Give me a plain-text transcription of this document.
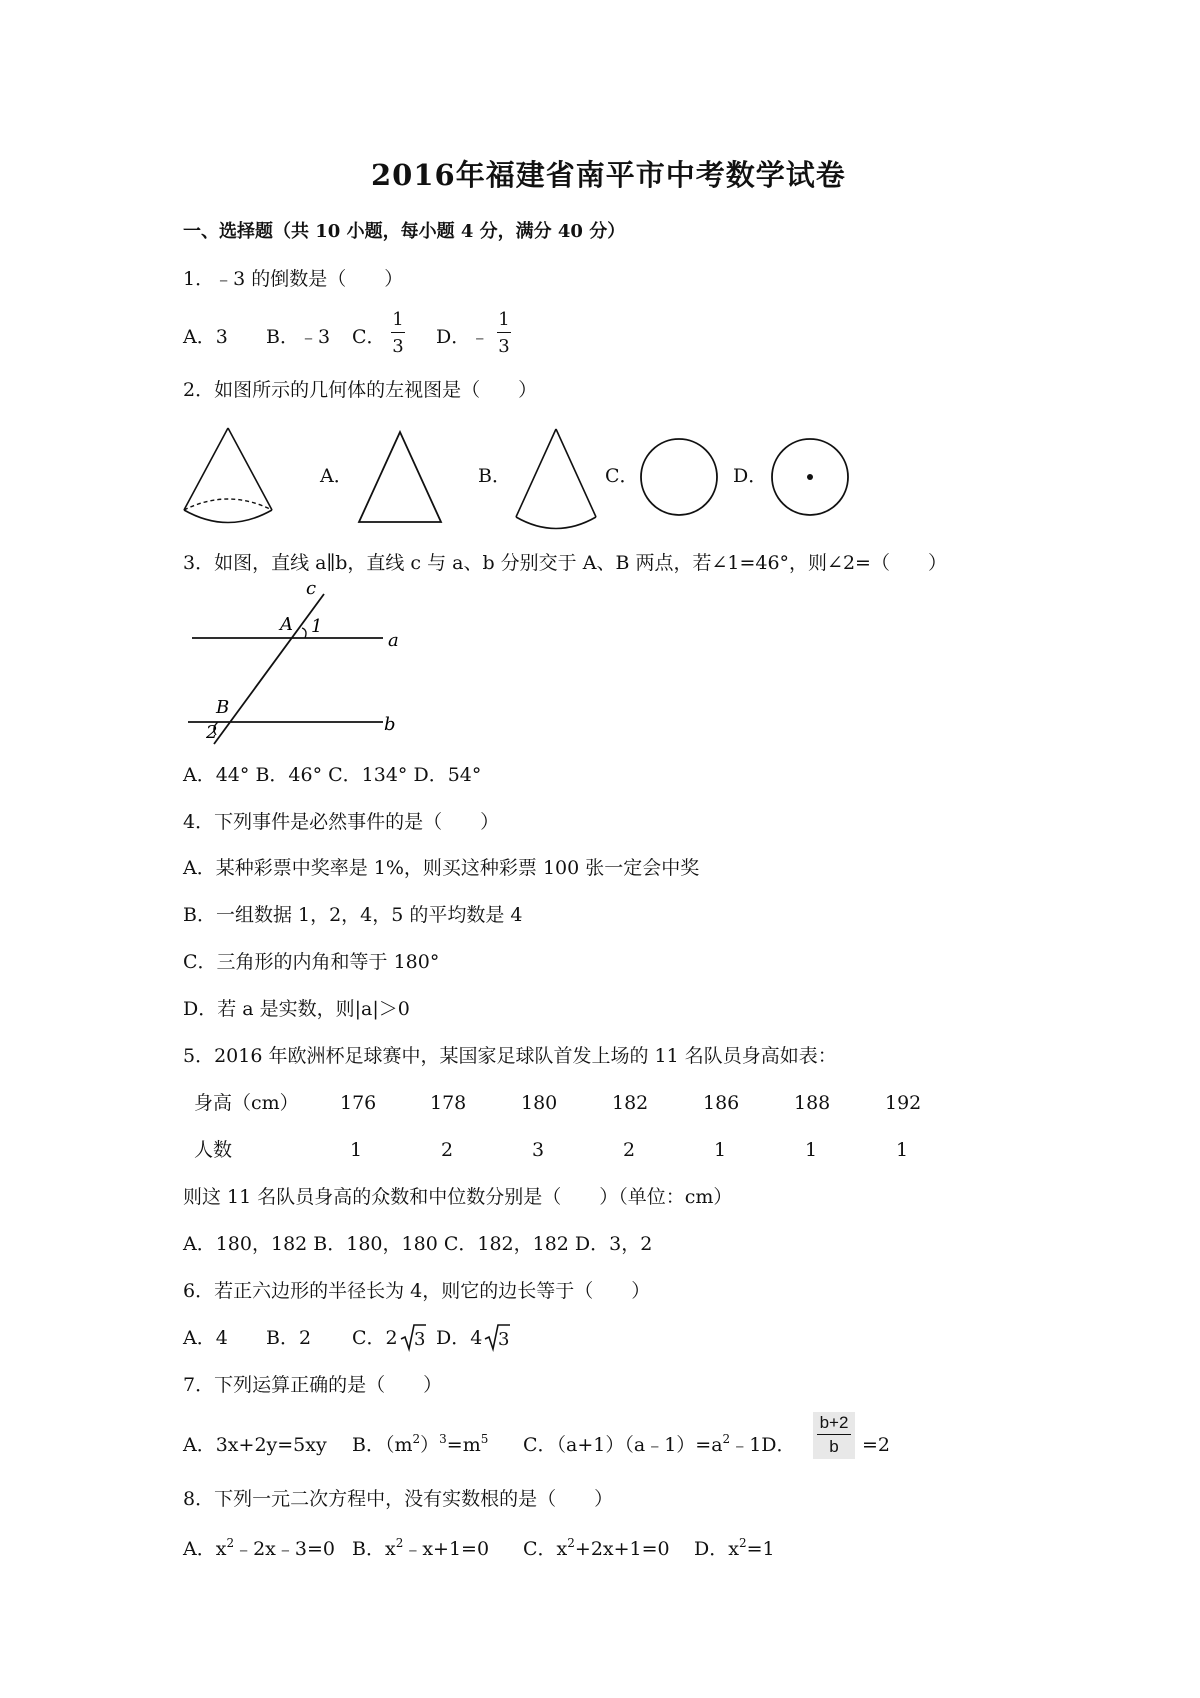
2016年福建省南平市中考数学试卷
一、选择题（共 10 小题，每小题 4 分，满分 40 分）
1．﹣3 的倒数是（　　）
A．3 B．﹣3 C．
1
3 D．﹣
1
3
2．如图所示的几何体的左视图是（　　）
A．	B．	C．	D．
3．如图，直线 a∥b，直线 c 与 a、b 分别交于 A、B 两点，若∠1=46°，则∠2=（　　）
c
A 1
a
B
2	b
A．44° B．46° C．134° D．54°
4．下列事件是必然事件的是（　　）
A．某种彩票中奖率是 1%，则买这种彩票 100 张一定会中奖
B．一组数据 1，2，4，5 的平均数是 4
C．三角形的内角和等于 180°
D．若 a 是实数，则|a|＞0
5．2016 年欧洲杯足球赛中，某国家足球队首发上场的 11 名队员身高如表：
身高（cm） 176	178	180	182	186	188	192
人数	1	2	3	2	1	1	1
则这 11 名队员身高的众数和中位数分别是（　　）（单位：cm）
A．180，182 B．180，180 C．182，182 D．3，2
6．若正六边形的半径长为 4，则它的边长等于（　　）
A．4 B．2 C．2 3 D．4 3
7．下列运算正确的是（　　）
A．3x+2y=5xy B．$(m^2)^3=m^5$ C．$(a+1)(a﹣1)=a^2﹣1D$．
b+2
b	=2
8．下列一元二次方程中，没有实数根的是（　　）
A．$x^2﹣2x﹣3=0$ B．$x^2﹣x+1=0$ C．$x^2+2x+1=0$ D．$x^2=1$
